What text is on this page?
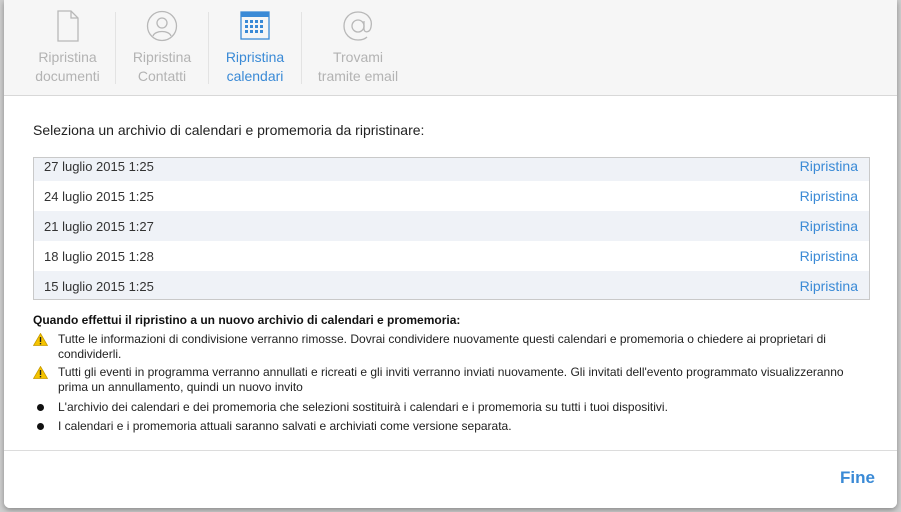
Ripristina
documenti
Ripristina
Contatti
Ripristina
calendari
Trovami
tramite email
Seleziona un archivio di calendari e promemoria da ripristinare:
27 luglio 2015 1:25	Ripristina
24 luglio 2015 1:25	Ripristina
21 luglio 2015 1:27	Ripristina
18 luglio 2015 1:28	Ripristina
15 luglio 2015 1:25	Ripristina
Quando effettui il ripristino a un nuovo archivio di calendari e promemoria:
Tutte le informazioni di condivisione verranno rimosse. Dovrai condividere nuovamente questi calendari e promemoria o chiedere ai proprietari di condividerli.
Tutti gli eventi in programma verranno annullati e ricreati e gli inviti verranno inviati nuovamente. Gli invitati dell'evento programmato visualizzeranno prima un annullamento, quindi un nuovo invito
L'archivio dei calendari e dei promemoria che selezioni sostituirà i calendari e i promemoria su tutti i tuoi dispositivi.
I calendari e i promemoria attuali saranno salvati e archiviati come versione separata.
Fine
